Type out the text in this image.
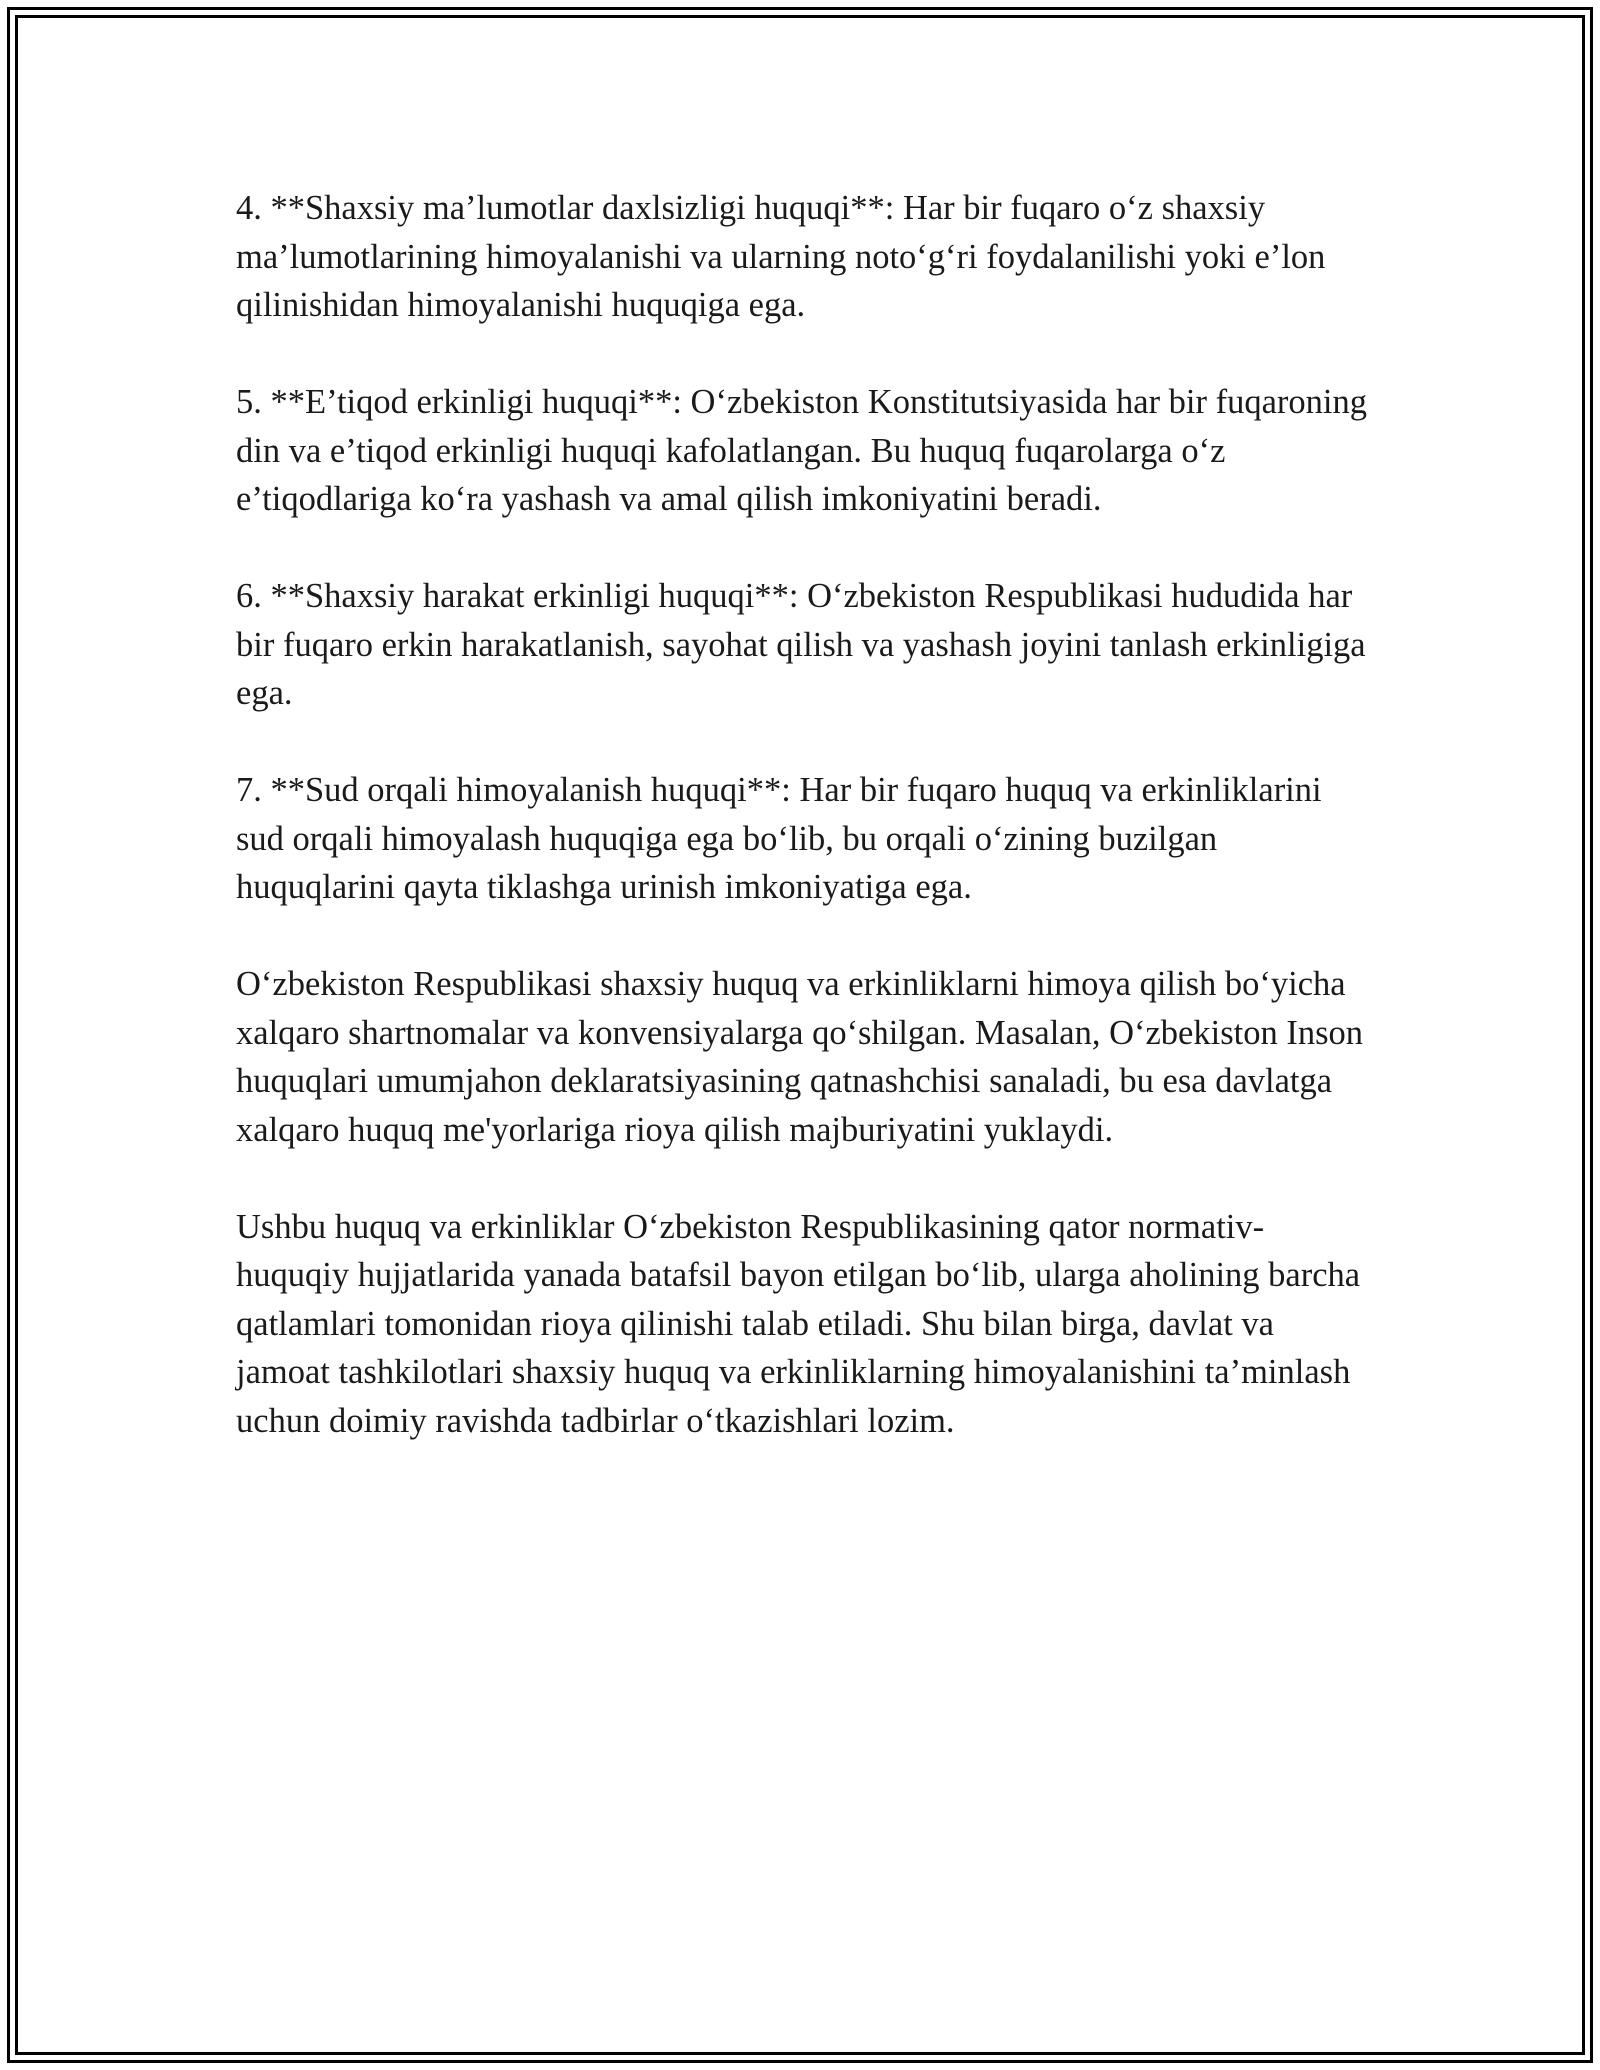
4. **Shaxsiy ma’lumotlar daxlsizligi huquqi**: Har bir fuqaro o‘z shaxsiy ma’lumotlarining himoyalanishi va ularning noto‘g‘ri foydalanilishi yoki e’lon qilinishidan himoyalanishi huquqiga ega.

5. **E’tiqod erkinligi huquqi**: O‘zbekiston Konstitutsiyasida har bir fuqaroning din va e’tiqod erkinligi huquqi kafolatlangan. Bu huquq fuqarolarga o‘z e’tiqodlariga ko‘ra yashash va amal qilish imkoniyatini beradi.

6. **Shaxsiy harakat erkinligi huquqi**: O‘zbekiston Respublikasi hududida har bir fuqaro erkin harakatlanish, sayohat qilish va yashash joyini tanlash erkinligiga ega.

7. **Sud orqali himoyalanish huquqi**: Har bir fuqaro huquq va erkinliklarini sud orqali himoyalash huquqiga ega bo‘lib, bu orqali o‘zining buzilgan huquqlarini qayta tiklashga urinish imkoniyatiga ega.

O‘zbekiston Respublikasi shaxsiy huquq va erkinliklarni himoya qilish bo‘yicha xalqaro shartnomalar va konvensiyalarga qo‘shilgan. Masalan, O‘zbekiston Inson huquqlari umumjahon deklaratsiyasining qatnashchisi sanaladi, bu esa davlatga xalqaro huquq me'yorlariga rioya qilish majburiyatini yuklaydi.

Ushbu huquq va erkinliklar O‘zbekiston Respublikasining qator normativ-huquqiy hujjatlarida yanada batafsil bayon etilgan bo‘lib, ularga aholining barcha qatlamlari tomonidan rioya qilinishi talab etiladi. Shu bilan birga, davlat va jamoat tashkilotlari shaxsiy huquq va erkinliklarning himoyalanishini ta’minlash uchun doimiy ravishda tadbirlar o‘tkazishlari lozim.
